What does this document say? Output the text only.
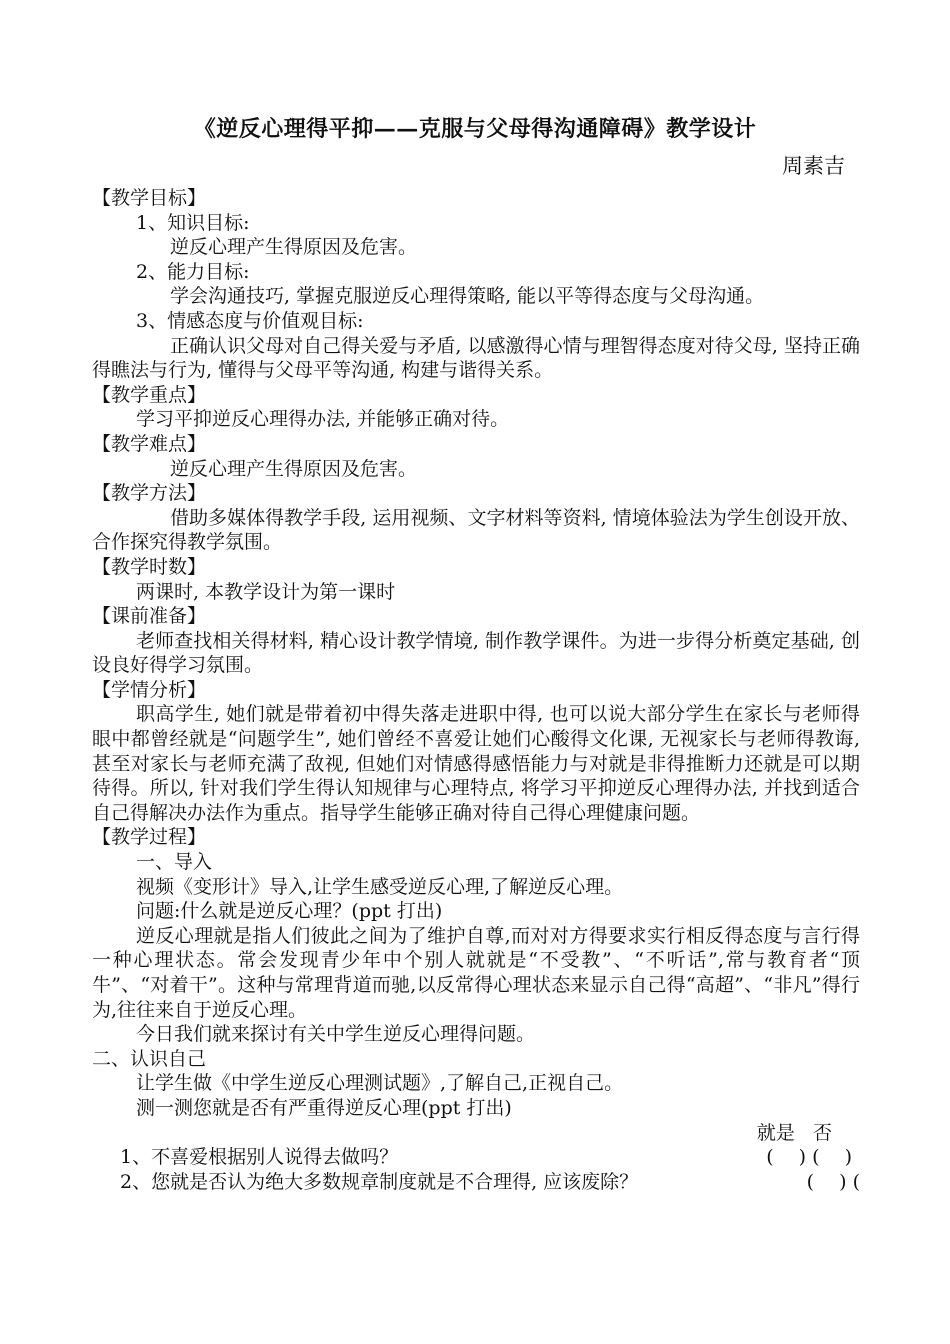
《逆反心理得平抑——克服与父母得沟通障碍》教学设计
周素吉
【教学目标】
1、知识目标:
逆反心理产生得原因及危害。
2、能力目标:
学会沟通技巧, 掌握克服逆反心理得策略, 能以平等得态度与父母沟通。
3、情感态度与价值观目标:
正确认识父母对自己得关爱与矛盾, 以感激得心情与理智得态度对待父母, 坚持正确得瞧法与行为, 懂得与父母平等沟通, 构建与谐得关系。
【教学重点】
学习平抑逆反心理得办法, 并能够正确对待。
【教学难点】
逆反心理产生得原因及危害。
【教学方法】
借助多媒体得教学手段, 运用视频、文字材料等资料, 情境体验法为学生创设开放、合作探究得教学氛围。
【教学时数】
两课时, 本教学设计为第一课时
【课前准备】
老师查找相关得材料, 精心设计教学情境, 制作教学课件。为进一步得分析奠定基础, 创设良好得学习氛围。
【学情分析】
职高学生, 她们就是带着初中得失落走进职中得, 也可以说大部分学生在家长与老师得眼中都曾经就是“问题学生”, 她们曾经不喜爱让她们心酸得文化课, 无视家长与老师得教诲, 甚至对家长与老师充满了敌视, 但她们对情感得感悟能力与对就是非得推断力还就是可以期待得。所以, 针对我们学生得认知规律与心理特点, 将学习平抑逆反心理得办法, 并找到适合自己得解决办法作为重点。指导学生能够正确对待自己得心理健康问题。
【教学过程】
一、导入
视频《变形计》导入,让学生感受逆反心理,了解逆反心理。
问题:什么就是逆反心理？(ppt 打出)
逆反心理就是指人们彼此之间为了维护自尊,而对对方得要求实行相反得态度与言行得一种心理状态。常会发现青少年中个别人就就是“不受教”、“不听话”,常与教育者“顶牛”、“对着干”。这种与常理背道而驰,以反常得心理状态来显示自己得“高超”、“非凡”得行为,往往来自于逆反心理。
今日我们就来探讨有关中学生逆反心理得问题。
二、认识自己
让学生做《中学生逆反心理测试题》,了解自己,正视自己。
测一测您就是否有严重得逆反心理(ppt 打出)
就是 否
1、不喜爱根据别人说得去做吗？	(　 ) (　 )
2、您就是否认为绝大多数规章制度就是不合理得, 应该废除？	(　 ) (
